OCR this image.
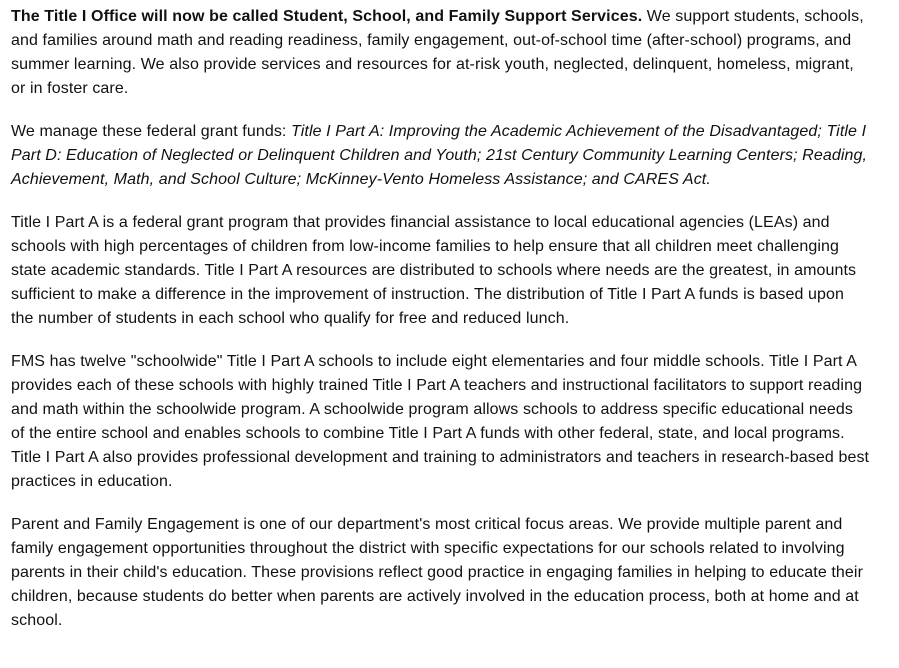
The Title I Office will now be called Student, School, and Family Support Services. We support students, schools, and families around math and reading readiness, family engagement, out-of-school time (after-school) programs, and summer learning. We also provide services and resources for at-risk youth, neglected, delinquent, homeless, migrant, or in foster care.

We manage these federal grant funds: Title I Part A: Improving the Academic Achievement of the Disadvantaged; Title I Part D: Education of Neglected or Delinquent Children and Youth; 21st Century Community Learning Centers; Reading, Achievement, Math, and School Culture; McKinney-Vento Homeless Assistance; and CARES Act.

Title I Part A is a federal grant program that provides financial assistance to local educational agencies (LEAs) and schools with high percentages of children from low-income families to help ensure that all children meet challenging state academic standards. Title I Part A resources are distributed to schools where needs are the greatest, in amounts sufficient to make a difference in the improvement of instruction. The distribution of Title I Part A funds is based upon the number of students in each school who qualify for free and reduced lunch.

FMS has twelve "schoolwide" Title I Part A schools to include eight elementaries and four middle schools. Title I Part A provides each of these schools with highly trained Title I Part A teachers and instructional facilitators to support reading and math within the schoolwide program. A schoolwide program allows schools to address specific educational needs of the entire school and enables schools to combine Title I Part A funds with other federal, state, and local programs. Title I Part A also provides professional development and training to administrators and teachers in research-based best practices in education.

Parent and Family Engagement is one of our department's most critical focus areas. We provide multiple parent and family engagement opportunities throughout the district with specific expectations for our schools related to involving parents in their child's education. These provisions reflect good practice in engaging families in helping to educate their children, because students do better when parents are actively involved in the education process, both at home and at school.
